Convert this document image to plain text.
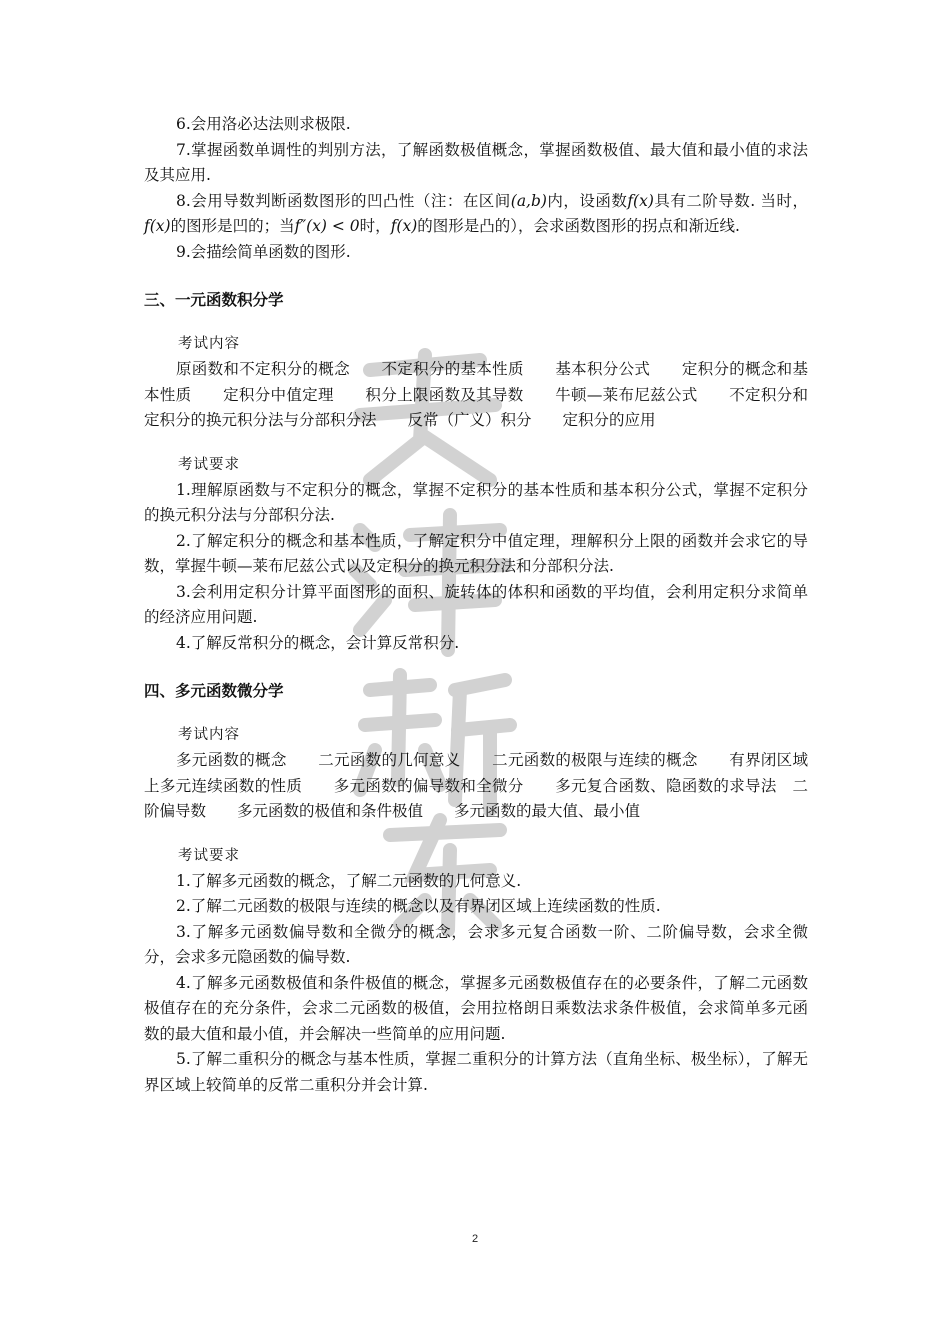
6.会用洛必达法则求极限.

7.掌握函数单调性的判别方法，了解函数极值概念，掌握函数极值、最大值和最小值的求法及其应用.

8.会用导数判断函数图形的凹凸性（注：在区间(a,b)内，设函数f(x)具有二阶导数. 当时，f(x)的图形是凹的；当f″(x) < 0时，f(x)的图形是凸的），会求函数图形的拐点和渐近线.

9.会描绘简单函数的图形.

三、一元函数积分学

考试内容

原函数和不定积分的概念　　不定积分的基本性质　　基本积分公式　　定积分的概念和基本性质　　定积分中值定理　　积分上限函数及其导数　　牛顿—莱布尼兹公式　　不定积分和定积分的换元积分法与分部积分法　　反常（广义）积分　　定积分的应用

考试要求

1.理解原函数与不定积分的概念，掌握不定积分的基本性质和基本积分公式，掌握不定积分的换元积分法与分部积分法.

2.了解定积分的概念和基本性质，了解定积分中值定理，理解积分上限的函数并会求它的导数，掌握牛顿—莱布尼兹公式以及定积分的换元积分法和分部积分法.

3.会利用定积分计算平面图形的面积、旋转体的体积和函数的平均值，会利用定积分求简单的经济应用问题.

4.了解反常积分的概念，会计算反常积分.

四、多元函数微分学

考试内容

多元函数的概念　　二元函数的几何意义　　二元函数的极限与连续的概念　　有界闭区域上多元连续函数的性质　　多元函数的偏导数和全微分　　多元复合函数、隐函数的求导法　二阶偏导数　　多元函数的极值和条件极值　　多元函数的最大值、最小值

考试要求

1.了解多元函数的概念，了解二元函数的几何意义.

2.了解二元函数的极限与连续的概念以及有界闭区域上连续函数的性质.

3.了解多元函数偏导数和全微分的概念，会求多元复合函数一阶、二阶偏导数，会求全微分，会求多元隐函数的偏导数.

4.了解多元函数极值和条件极值的概念，掌握多元函数极值存在的必要条件，了解二元函数极值存在的充分条件，会求二元函数的极值，会用拉格朗日乘数法求条件极值，会求简单多元函数的最大值和最小值，并会解决一些简单的应用问题.

5.了解二重积分的概念与基本性质，掌握二重积分的计算方法（直角坐标、极坐标），了解无界区域上较简单的反常二重积分并会计算.

2
